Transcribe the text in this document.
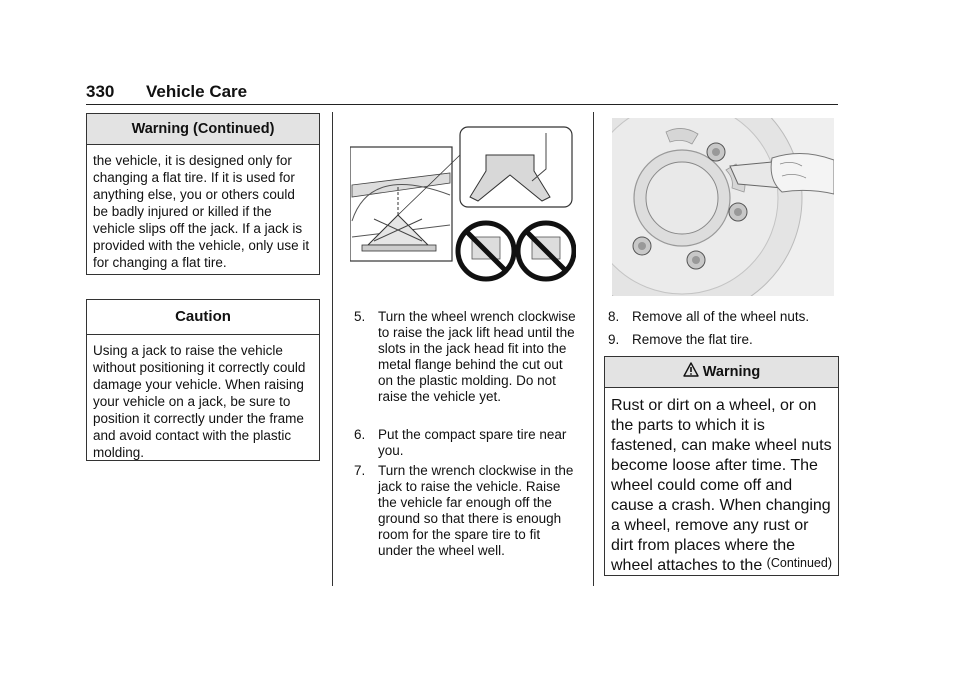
330 Vehicle Care
Warning (Continued)
the vehicle, it is designed only for changing a flat tire. If it is used for anything else, you or others could be badly injured or killed if the vehicle slips off the jack. If a jack is provided with the vehicle, only use it for changing a flat tire.
Caution
Using a jack to raise the vehicle without positioning it correctly could damage your vehicle. When raising your vehicle on a jack, be sure to position it correctly under the frame and avoid contact with the plastic molding.
5. Turn the wheel wrench clockwise to raise the jack lift head until the slots in the jack head fit into the metal flange behind the cut out on the plastic molding. Do not raise the vehicle yet.
6. Put the compact spare tire near you.
7. Turn the wrench clockwise in the jack to raise the vehicle. Raise the vehicle far enough off the ground so that there is enough room for the spare tire to fit under the wheel well.
8. Remove all of the wheel nuts.
9. Remove the flat tire.
Warning
Rust or dirt on a wheel, or on the parts to which it is fastened, can make wheel nuts become loose after time. The wheel could come off and cause a crash. When changing a wheel, remove any rust or dirt from places where the wheel attaches to the (Continued)
